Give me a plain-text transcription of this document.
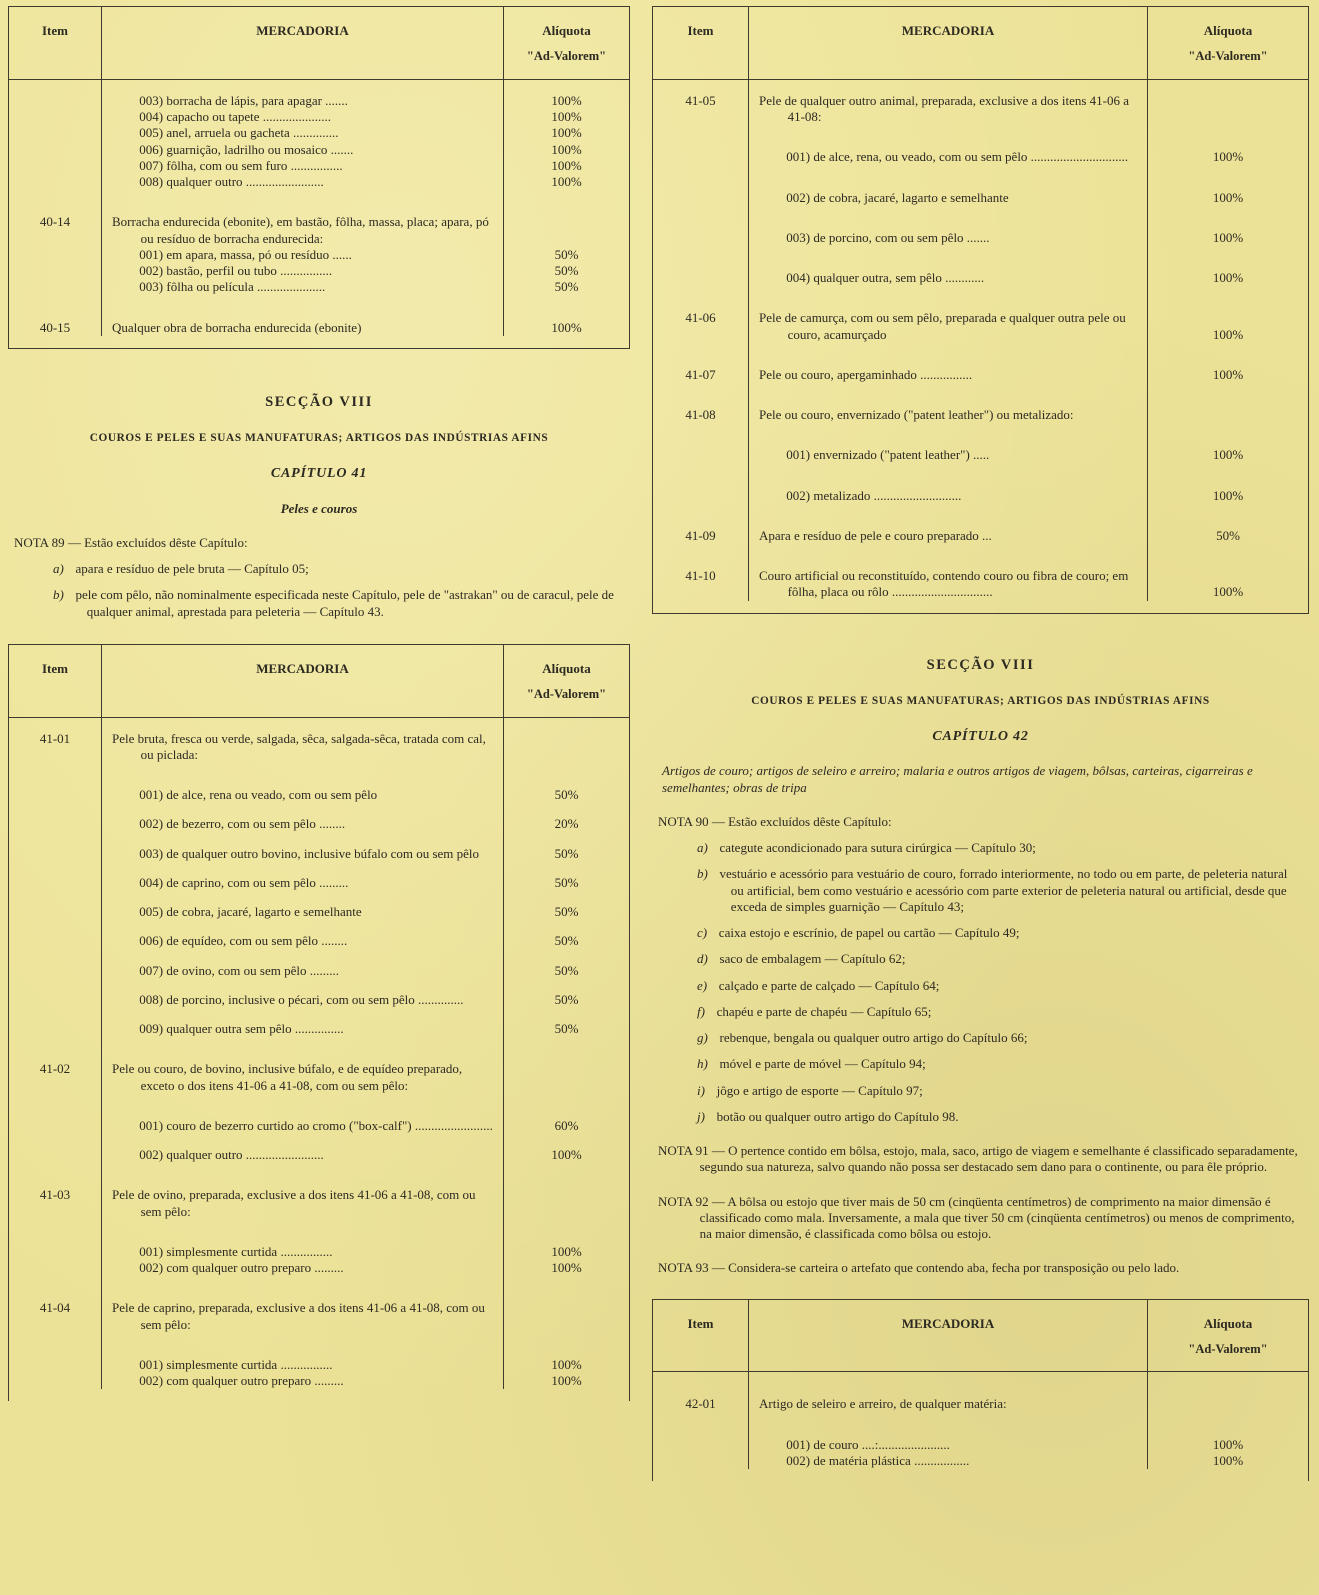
Item	MERCADORIA	Alíquota
"Ad-Valorem"
003) borracha de lápis, para apagar .......	100%
004) capacho ou tapete .....................	100%
005) anel, arruela ou gacheta ..............	100%
006) guarnição, ladrilho ou mosaico .......	100%
007) fôlha, com ou sem furo ................	100%
008) qualquer outro ........................	100%
40-14	Borracha endurecida (ebonite), em bastão, fôlha, massa, placa; apara, pó ou resíduo de borracha endurecida:
001) em apara, massa, pó ou resíduo ......	50%
002) bastão, perfil ou tubo ................	50%
003) fôlha ou película .....................	50%
40-15	Qualquer obra de borracha endurecida (ebonite)	100%
SECÇÃO VIII
COUROS E PELES E SUAS MANUFATURAS; ARTIGOS DAS INDÚSTRIAS AFINS
CAPÍTULO 41
Peles e couros
NOTA 89 — Estão excluídos dêste Capítulo:
a) apara e resíduo de pele bruta — Capítulo 05;
b) pele com pêlo, não nominalmente especificada neste Capítulo, pele de "astrakan" ou de caracul, pele de qualquer animal, aprestada para peleteria — Capítulo 43.
Item	MERCADORIA	Alíquota
"Ad-Valorem"
41-01	Pele bruta, fresca ou verde, salgada, sêca, salgada-sêca, tratada com cal, ou piclada:
001) de alce, rena ou veado, com ou sem pêlo	50%
002) de bezerro, com ou sem pêlo ........	20%
003) de qualquer outro bovino, inclusive búfalo com ou sem pêlo	50%
004) de caprino, com ou sem pêlo .........	50%
005) de cobra, jacaré, lagarto e semelhante	50%
006) de equídeo, com ou sem pêlo ........	50%
007) de ovino, com ou sem pêlo .........	50%
008) de porcino, inclusive o pécari, com ou sem pêlo ..............	50%
009) qualquer outra sem pêlo ...............	50%
41-02	Pele ou couro, de bovino, inclusive búfalo, e de equídeo preparado, exceto o dos itens 41-06 a 41-08, com ou sem pêlo:
001) couro de bezerro curtido ao cromo ("box-calf") ........................	60%
002) qualquer outro ........................	100%
41-03	Pele de ovino, preparada, exclusive a dos itens 41-06 a 41-08, com ou sem pêlo:
001) simplesmente curtida ................	100%
002) com qualquer outro preparo .........	100%
41-04	Pele de caprino, preparada, exclusive a dos itens 41-06 a 41-08, com ou sem pêlo:
001) simplesmente curtida ................	100%
002) com qualquer outro preparo .........	100%
Item	MERCADORIA	Alíquota
"Ad-Valorem"
41-05	Pele de qualquer outro animal, preparada, exclusive a dos itens 41-06 a 41-08:
001) de alce, rena, ou veado, com ou sem pêlo ..............................	100%
002) de cobra, jacaré, lagarto e semelhante	100%
003) de porcino, com ou sem pêlo .......	100%
004) qualquer outra, sem pêlo ............	100%
41-06	Pele de camurça, com ou sem pêlo, preparada e qualquer outra pele ou couro, acamurçado	100%
41-07	Pele ou couro, apergaminhado ................	100%
41-08	Pele ou couro, envernizado ("patent leather") ou metalizado:
001) envernizado ("patent leather") .....	100%
002) metalizado ...........................	100%
41-09	Apara e resíduo de pele e couro preparado ...	50%
41-10	Couro artificial ou reconstituído, contendo couro ou fibra de couro; em fôlha, placa ou rôlo ...............................	100%
SECÇÃO VIII
COUROS E PELES E SUAS MANUFATURAS; ARTIGOS DAS INDÚSTRIAS AFINS
CAPÍTULO 42
Artigos de couro; artigos de seleiro e arreiro; malaria e outros artigos de viagem, bôlsas, carteiras, cigarreiras e semelhantes; obras de tripa
NOTA 90 — Estão excluídos dêste Capítulo:
a) categute acondicionado para sutura cirúrgica — Capítulo 30;
b) vestuário e acessório para vestuário de couro, forrado interiormente, no todo ou em parte, de peleteria natural ou artificial, bem como vestuário e acessório com parte exterior de peleteria natural ou artificial, desde que exceda de simples guarnição — Capítulo 43;
c) caixa estojo e escrínio, de papel ou cartão — Capítulo 49;
d) saco de embalagem — Capítulo 62;
e) calçado e parte de calçado — Capítulo 64;
f) chapéu e parte de chapéu — Capítulo 65;
g) rebenque, bengala ou qualquer outro artigo do Capítulo 66;
h) móvel e parte de móvel — Capítulo 94;
i) jôgo e artigo de esporte — Capítulo 97;
j) botão ou qualquer outro artigo do Capítulo 98.
NOTA 91 — O pertence contido em bôlsa, estojo, mala, saco, artigo de viagem e semelhante é classificado separadamente, segundo sua natureza, salvo quando não possa ser destacado sem dano para o continente, ou para êle próprio.
NOTA 92 — A bôlsa ou estojo que tiver mais de 50 cm (cinqüenta centímetros) de comprimento na maior dimensão é classificado como mala. Inversamente, a mala que tiver 50 cm (cinqüenta centímetros) ou menos de comprimento, na maior dimensão, é classificada como bôlsa ou estojo.
NOTA 93 — Considera-se carteira o artefato que contendo aba, fecha por transposição ou pelo lado.
Item	MERCADORIA	Alíquota
"Ad-Valorem"
42-01	Artigo de seleiro e arreiro, de qualquer matéria:
001) de couro ....:......................	100%
002) de matéria plástica .................	100%
